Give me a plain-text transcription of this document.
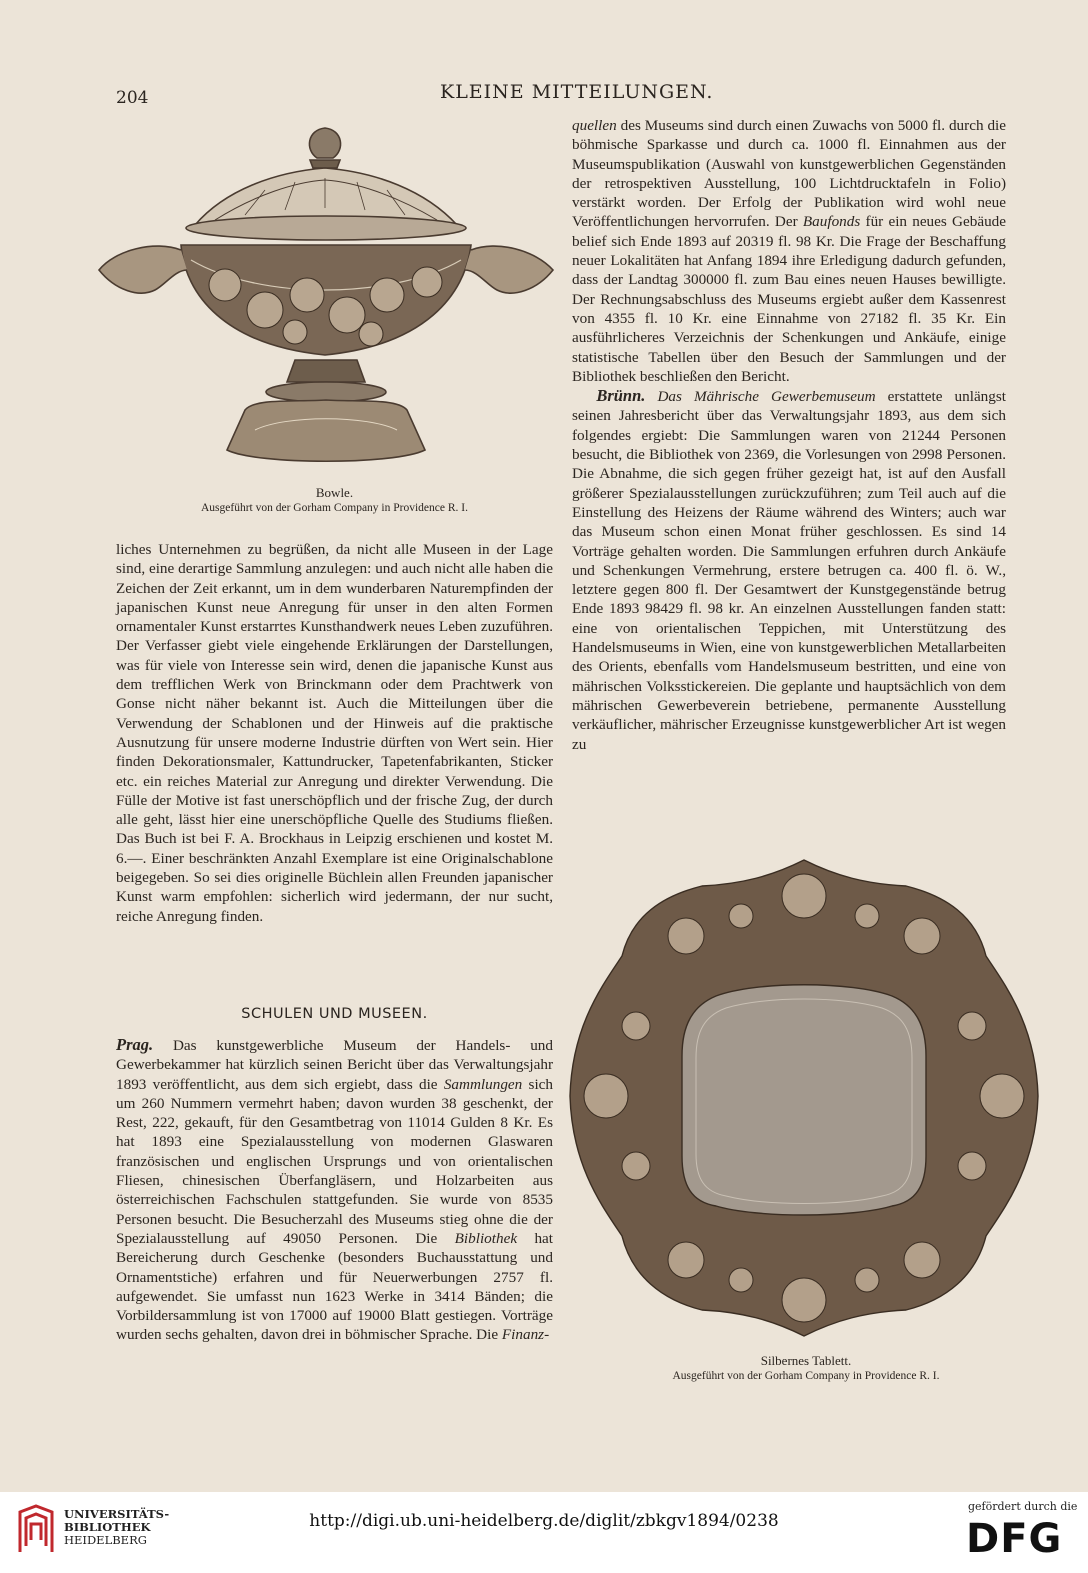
204	KLEINE MITTEILUNGEN.
Bowle.
Ausgeführt von der Gorham Company in Providence R. I.

liches Unternehmen zu begrüßen, da nicht alle Museen in der Lage sind, eine derartige Sammlung anzulegen: und auch nicht alle haben die Zeichen der Zeit erkannt, um in dem wunderbaren Naturempfinden der japanischen Kunst neue Anregung für unser in den alten Formen ornamentaler Kunst erstarrtes Kunsthandwerk neues Leben zuzuführen. Der Verfasser giebt viele eingehende Erklärungen der Darstellungen, was für viele von Interesse sein wird, denen die japanische Kunst aus dem trefflichen Werk von Brinckmann oder dem Prachtwerk von Gonse nicht näher bekannt ist. Auch die Mitteilungen über die Verwendung der Schablonen und der Hinweis auf die praktische Ausnutzung für unsere moderne Industrie dürften von Wert sein. Hier finden Dekorationsmaler, Kattundrucker, Tapetenfabrikanten, Sticker etc. ein reiches Material zur Anregung und direkter Verwendung. Die Fülle der Motive ist fast unerschöpflich und der frische Zug, der durch alle geht, lässt hier eine unerschöpfliche Quelle des Studiums fließen. Das Buch ist bei F. A. Brockhaus in Leipzig erschienen und kostet M. 6.—. Einer beschränkten Anzahl Exemplare ist eine Originalschablone beigegeben. So sei dies originelle Büchlein allen Freunden japanischer Kunst warm empfohlen: sicherlich wird jedermann, der nur sucht, reiche Anregung finden.

SCHULEN UND MUSEEN.

Prag. Das kunstgewerbliche Museum der Handels- und Gewerbekammer hat kürzlich seinen Bericht über das Verwaltungsjahr 1893 veröffentlicht, aus dem sich ergiebt, dass die Sammlungen sich um 260 Nummern vermehrt haben; davon wurden 38 geschenkt, der Rest, 222, gekauft, für den Gesamtbetrag von 11014 Gulden 8 Kr. Es hat 1893 eine Spezialausstellung von modernen Glaswaren französischen und englischen Ursprungs und von orientalischen Fliesen, chinesischen Überfangläsern, und Holzarbeiten aus österreichischen Fachschulen stattgefunden. Sie wurde von 8535 Personen besucht. Die Besucherzahl des Museums stieg ohne die der Spezialausstellung auf 49050 Personen. Die Bibliothek hat Bereicherung durch Geschenke (besonders Buchausstattung und Ornamentstiche) erfahren und für Neuerwerbungen 2757 fl. aufgewendet. Sie umfasst nun 1623 Werke in 3414 Bänden; die Vorbildersammlung ist von 17000 auf 19000 Blatt gestiegen. Vorträge wurden sechs gehalten, davon drei in böhmischer Sprache. Die Finanz-

quellen des Museums sind durch einen Zuwachs von 5000 fl. durch die böhmische Sparkasse und durch ca. 1000 fl. Einnahmen aus der Museumspublikation (Auswahl von kunstgewerblichen Gegenständen der retrospektiven Ausstellung, 100 Lichtdrucktafeln in Folio) verstärkt worden. Der Erfolg der Publikation wird wohl neue Veröffentlichungen hervorrufen. Der Baufonds für ein neues Gebäude belief sich Ende 1893 auf 20319 fl. 98 Kr. Die Frage der Beschaffung neuer Lokalitäten hat Anfang 1894 ihre Erledigung dadurch gefunden, dass der Landtag 300000 fl. zum Bau eines neuen Hauses bewilligte. Der Rechnungsabschluss des Museums ergiebt außer dem Kassenrest von 4355 fl. 10 Kr. eine Einnahme von 27182 fl. 35 Kr. Ein ausführlicheres Verzeichnis der Schenkungen und Ankäufe, einige statistische Tabellen über den Besuch der Sammlungen und der Bibliothek beschließen den Bericht.

Brünn. Das Mährische Gewerbemuseum erstattete unlängst seinen Jahresbericht über das Verwaltungsjahr 1893, aus dem sich folgendes ergiebt: Die Sammlungen waren von 21244 Personen besucht, die Bibliothek von 2369, die Vorlesungen von 2998 Personen. Die Abnahme, die sich gegen früher gezeigt hat, ist auf den Ausfall größerer Spezialausstellungen zurückzuführen; zum Teil auch auf die Einstellung des Heizens der Räume während des Winters; auch war das Museum schon einen Monat früher geschlossen. Es sind 14 Vorträge gehalten worden. Die Sammlungen erfuhren durch Ankäufe und Schenkungen Vermehrung, erstere betrugen ca. 400 fl. ö. W., letztere gegen 800 fl. Der Gesamtwert der Kunstgegenstände betrug Ende 1893 98429 fl. 98 kr. An einzelnen Ausstellungen fanden statt: eine von orientalischen Teppichen, mit Unterstützung des Handelsmuseums in Wien, eine von kunstgewerblichen Metallarbeiten des Orients, ebenfalls vom Handelsmuseum bestritten, und eine von mährischen Volksstickereien. Die geplante und hauptsächlich von dem mährischen Gewerbeverein betriebene, permanente Ausstellung verkäuflicher, mährischer Erzeugnisse kunstgewerblicher Art ist wegen zu

Silbernes Tablett.
Ausgeführt von der Gorham Company in Providence R. I.
UNIVERSITÄTS-
BIBLIOTHEK
HEIDELBERG
http://digi.ub.uni-heidelberg.de/diglit/zbkgv1894/0238
gefördert durch die
DFG
